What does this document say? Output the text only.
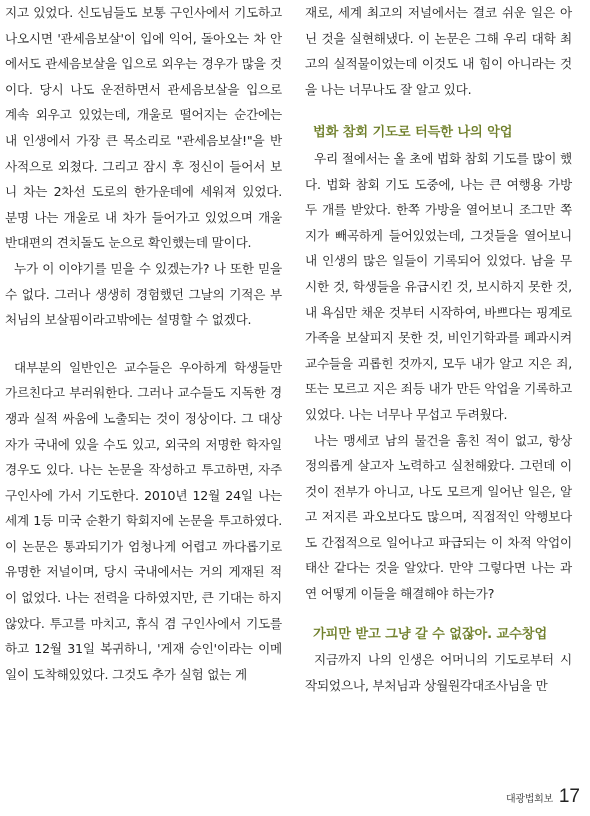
지고 있었다. 신도님들도 보통 구인사에서 기도하고 나오시면 '관세음보살'이 입에 익어, 돌아오는 차 안에서도 관세음보살을 입으로 외우는 경우가 많을 것이다. 당시 나도 운전하면서 관세음보살을 입으로 계속 외우고 있었는데, 개울로 떨어지는 순간에는 내 인생에서 가장 큰 목소리로 "관세음보살!"을 반사적으로 외쳤다. 그리고 잠시 후 정신이 들어서 보니 차는 2차선 도로의 한가운데에 세워져 있었다. 분명 나는 개울로 내 차가 들어가고 있었으며 개울 반대편의 견치돌도 눈으로 확인했는데 말이다.

누가 이 이야기를 믿을 수 있겠는가? 나 또한 믿을 수 없다. 그러나 생생히 경험했던 그날의 기적은 부처님의 보살핌이라고밖에는 설명할 수 없겠다.

대부분의 일반인은 교수들은 우아하게 학생들만 가르친다고 부러워한다. 그러나 교수들도 지독한 경쟁과 실적 싸움에 노출되는 것이 정상이다. 그 대상자가 국내에 있을 수도 있고, 외국의 저명한 학자일 경우도 있다. 나는 논문을 작성하고 투고하면, 자주 구인사에 가서 기도한다. 2010년 12월 24일 나는 세계 1등 미국 순환기 학회지에 논문을 투고하였다. 이 논문은 통과되기가 엄청나게 어렵고 까다롭기로 유명한 저널이며, 당시 국내에서는 거의 게재된 적이 없었다. 나는 전력을 다하였지만, 큰 기대는 하지 않았다. 투고를 마치고, 휴식 겸 구인사에서 기도를 하고 12월 31일 복귀하니, '게재 승인'이라는 이메일이 도착해있었다. 그것도 추가 실험 없는 게

재로, 세계 최고의 저널에서는 결코 쉬운 일은 아닌 것을 실현해냈다. 이 논문은 그해 우리 대학 최고의 실적물이었는데 이것도 내 힘이 아니라는 것을 나는 너무나도 잘 알고 있다.

법화 참회 기도로 터득한 나의 악업

우리 절에서는 올 초에 법화 참회 기도를 많이 했다. 법화 참회 기도 도중에, 나는 큰 여행용 가방 두 개를 받았다. 한쪽 가방을 열어보니 조그만 쪽지가 빼곡하게 들어있었는데, 그것들을 열어보니 내 인생의 많은 일들이 기록되어 있었다. 남을 무시한 것, 학생들을 유급시킨 것, 보시하지 못한 것, 내 욕심만 채운 것부터 시작하여, 바쁘다는 핑계로 가족을 보살피지 못한 것, 비인기학과를 폐과시켜 교수들을 괴롭힌 것까지, 모두 내가 알고 지은 죄, 또는 모르고 지은 죄등 내가 만든 악업을 기록하고 있었다. 나는 너무나 무섭고 두려웠다.

나는 맹세코 남의 물건을 훔친 적이 없고, 항상 정의롭게 살고자 노력하고 실천해왔다. 그런데 이것이 전부가 아니고, 나도 모르게 일어난 일은, 알고 저지른 과오보다도 많으며, 직접적인 악행보다도 간접적으로 일어나고 파급되는 이 차적 악업이 태산 같다는 것을 알았다. 만약 그렇다면 나는 과연 어떻게 이들을 해결해야 하는가?

가피만 받고 그냥 갈 수 없잖아. 교수창업

지금까지 나의 인생은 어머니의 기도로부터 시작되었으나, 부처님과 상월원각대조사님을 만

대광법회보 17
